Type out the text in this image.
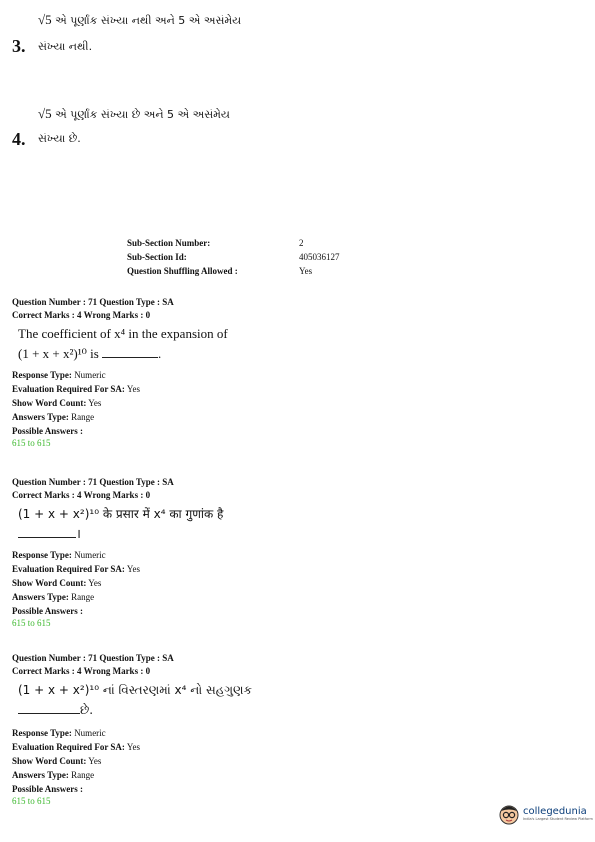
√5 એ પૂર્ણાંક સંખ્યા નથી અને 5 એ અસંમેય
3. સંખ્યા નથી.
√5 એ પૂર્ણાંક સંખ્યા છે અને 5 એ અસંમેય
4. સંખ્યા છે.
Sub-Section Number:	2
Sub-Section Id:	405036127
Question Shuffling Allowed :	Yes
Question Number : 71 Question Type : SA
Correct Marks : 4 Wrong Marks : 0
The coefficient of x⁴ in the expansion of
(1 + x + x²)¹⁰ is	.
Response Type: Numeric
Evaluation Required For SA: Yes
Show Word Count: Yes
Answers Type: Range
Possible Answers :
615 to 615
Question Number : 71 Question Type : SA
Correct Marks : 4 Wrong Marks : 0
(1 + x + x²)¹⁰ के प्रसार में x⁴ का गुणांक है
।
Response Type: Numeric
Evaluation Required For SA: Yes
Show Word Count: Yes
Answers Type: Range
Possible Answers :
615 to 615
Question Number : 71 Question Type : SA
Correct Marks : 4 Wrong Marks : 0
(1 + x + x²)¹⁰ નાં વિસ્તરણમાં x⁴ નો સહગુણક
છે.
Response Type: Numeric
Evaluation Required For SA: Yes
Show Word Count: Yes
Answers Type: Range
Possible Answers :
615 to 615
collegedunia
India's Largest Student Review Platform
